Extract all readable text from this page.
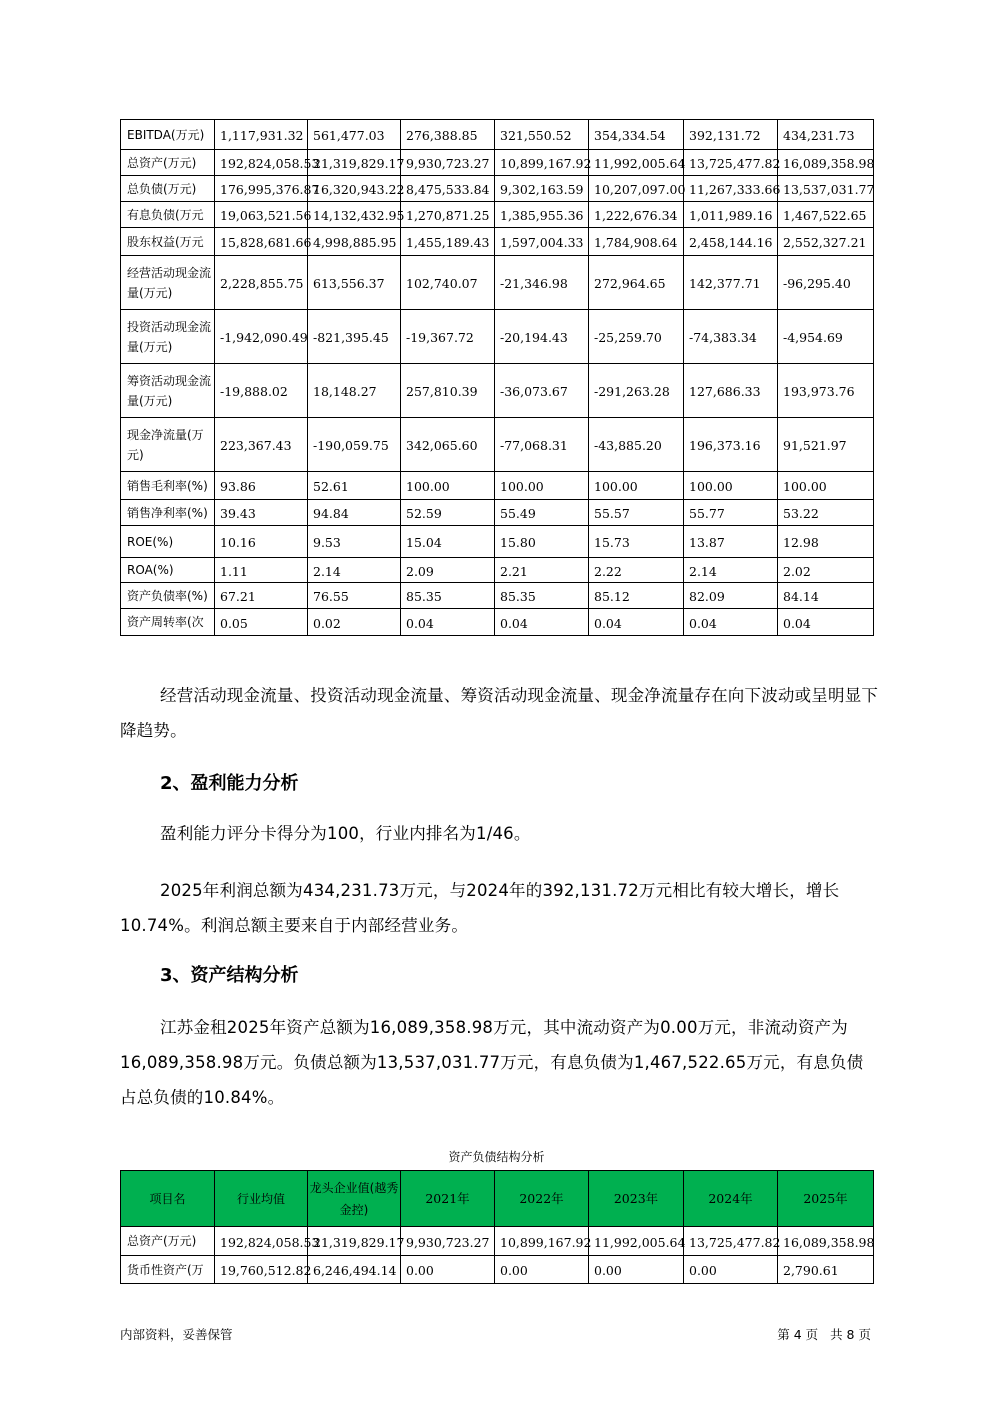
EBITDA(万元)	1,117,931.32	561,477.03	276,388.85	321,550.52	354,334.54	392,131.72	434,231.73
总资产(万元)	192,824,058.53	21,319,829.17	9,930,723.27	10,899,167.92	11,992,005.64	13,725,477.82	16,089,358.98
总负债(万元)	176,995,376.87	16,320,943.22	8,475,533.84	9,302,163.59	10,207,097.00	11,267,333.66	13,537,031.77
有息负债(万元	19,063,521.56	14,132,432.95	1,270,871.25	1,385,955.36	1,222,676.34	1,011,989.16	1,467,522.65
股东权益(万元	15,828,681.66	4,998,885.95	1,455,189.43	1,597,004.33	1,784,908.64	2,458,144.16	2,552,327.21
经营活动现金流量(万元)	2,228,855.75	613,556.37	102,740.07	-21,346.98	272,964.65	142,377.71	-96,295.40
投资活动现金流量(万元)	-1,942,090.49	-821,395.45	-19,367.72	-20,194.43	-25,259.70	-74,383.34	-4,954.69
筹资活动现金流量(万元)	-19,888.02	18,148.27	257,810.39	-36,073.67	-291,263.28	127,686.33	193,973.76
现金净流量(万元)	223,367.43	-190,059.75	342,065.60	-77,068.31	-43,885.20	196,373.16	91,521.97
销售毛利率(%)	93.86	52.61	100.00	100.00	100.00	100.00	100.00
销售净利率(%)	39.43	94.84	52.59	55.49	55.57	55.77	53.22
ROE(%)	10.16	9.53	15.04	15.80	15.73	13.87	12.98
ROA(%)	1.11	2.14	2.09	2.21	2.22	2.14	2.02
资产负债率(%)	67.21	76.55	85.35	85.35	85.12	82.09	84.14
资产周转率(次	0.05	0.02	0.04	0.04	0.04	0.04	0.04

经营活动现金流量、投资活动现金流量、筹资活动现金流量、现金净流量存在向下波动或呈明显下降趋势。

2、盈利能力分析

盈利能力评分卡得分为100，行业内排名为1/46。

2025年利润总额为434,231.73万元，与2024年的392,131.72万元相比有较大增长，增长10.74%。利润总额主要来自于内部经营业务。

3、资产结构分析

江苏金租2025年资产总额为16,089,358.98万元，其中流动资产为0.00万元，非流动资产为16,089,358.98万元。负债总额为13,537,031.77万元，有息负债为1,467,522.65万元，有息负债占总负债的10.84%。

资产负债结构分析
项目名	行业均值	龙头企业值(越秀金控)	2021年	2022年	2023年	2024年	2025年
总资产(万元)	192,824,058.53	21,319,829.17	9,930,723.27	10,899,167.92	11,992,005.64	13,725,477.82	16,089,358.98
货币性资产(万	19,760,512.82	6,246,494.14	0.00	0.00	0.00	0.00	2,790.61
内部资料，妥善保管	第 4 页   共 8 页
